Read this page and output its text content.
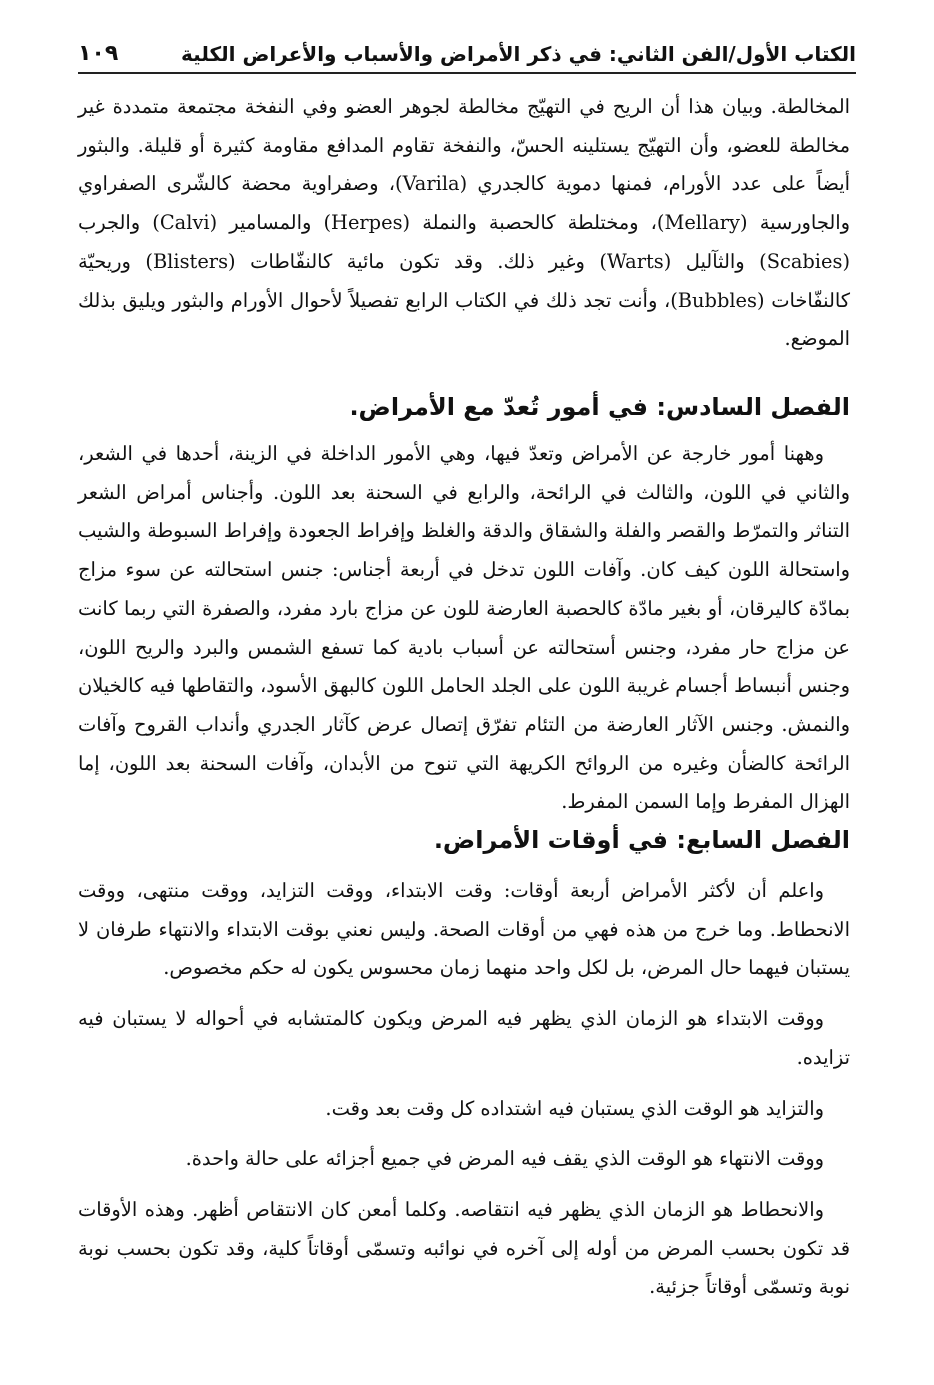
الكتاب الأول/الفن الثاني: في ذكر الأمراض والأسباب والأعراض الكلية
١٠٩

المخالطة. وبيان هذا أن الريح في التهيّج مخالطة لجوهر العضو وفي النفخة مجتمعة متمددة غير مخالطة للعضو، وأن التهيّج يستلينه الحسّ، والنفخة تقاوم المدافع مقاومة كثيرة أو قليلة. والبثور أيضاً على عدد الأورام، فمنها دموية كالجدري (Varila)، وصفراوية محضة كالشّرى الصفراوي والجاورسية (Mellary)، ومختلطة كالحصبة والنملة (Herpes) والمسامير (Calvi) والجرب (Scabies) والثآليل (Warts) وغير ذلك. وقد تكون مائية كالنفّاطات (Blisters) وريحيّة كالنفّاخات (Bubbles)، وأنت تجد ذلك في الكتاب الرابع تفصيلاً لأحوال الأورام والبثور ويليق بذلك الموضع.

الفصل السادس: في أمور تُعدّ مع الأمراض.

وههنا أمور خارجة عن الأمراض وتعدّ فيها، وهي الأمور الداخلة في الزينة، أحدها في الشعر، والثاني في اللون، والثالث في الرائحة، والرابع في السحنة بعد اللون. وأجناس أمراض الشعر التناثر والتمرّط والقصر والفلة والشقاق والدقة والغلظ وإفراط الجعودة وإفراط السبوطة والشيب واستحالة اللون كيف كان. وآفات اللون تدخل في أربعة أجناس: جنس استحالته عن سوء مزاج بمادّة كاليرقان، أو بغير مادّة كالحصبة العارضة للون عن مزاج بارد مفرد، والصفرة التي ربما كانت عن مزاج حار مفرد، وجنس أستحالته عن أسباب بادية كما تسفع الشمس والبرد والريح اللون، وجنس أنبساط أجسام غريبة اللون على الجلد الحامل اللون كالبهق الأسود، والتقاطها فيه كالخيلان والنمش. وجنس الآثار العارضة من التئام تفرّق إتصال عرض كآثار الجدري وأنداب القروح وآفات الرائحة كالضأن وغيره من الروائح الكريهة التي تنوح من الأبدان، وآفات السحنة بعد اللون، إما الهزال المفرط وإما السمن المفرط.

الفصل السابع: في أوقات الأمراض.

واعلم أن لأكثر الأمراض أربعة أوقات: وقت الابتداء، ووقت التزايد، ووقت منتهى، ووقت الانحطاط. وما خرج من هذه فهي من أوقات الصحة. وليس نعني بوقت الابتداء والانتهاء طرفان لا يستبان فيهما حال المرض، بل لكل واحد منهما زمان محسوس يكون له حكم مخصوص.

ووقت الابتداء هو الزمان الذي يظهر فيه المرض ويكون كالمتشابه في أحواله لا يستبان فيه تزايده.

والتزايد هو الوقت الذي يستبان فيه اشتداده كل وقت بعد وقت.

ووقت الانتهاء هو الوقت الذي يقف فيه المرض في جميع أجزائه على حالة واحدة.

والانحطاط هو الزمان الذي يظهر فيه انتقاصه. وكلما أمعن كان الانتقاص أظهر. وهذه الأوقات قد تكون بحسب المرض من أوله إلى آخره في نوائبه وتسمّى أوقاتاً كلية، وقد تكون بحسب نوبة نوبة وتسمّى أوقاتاً جزئية.
